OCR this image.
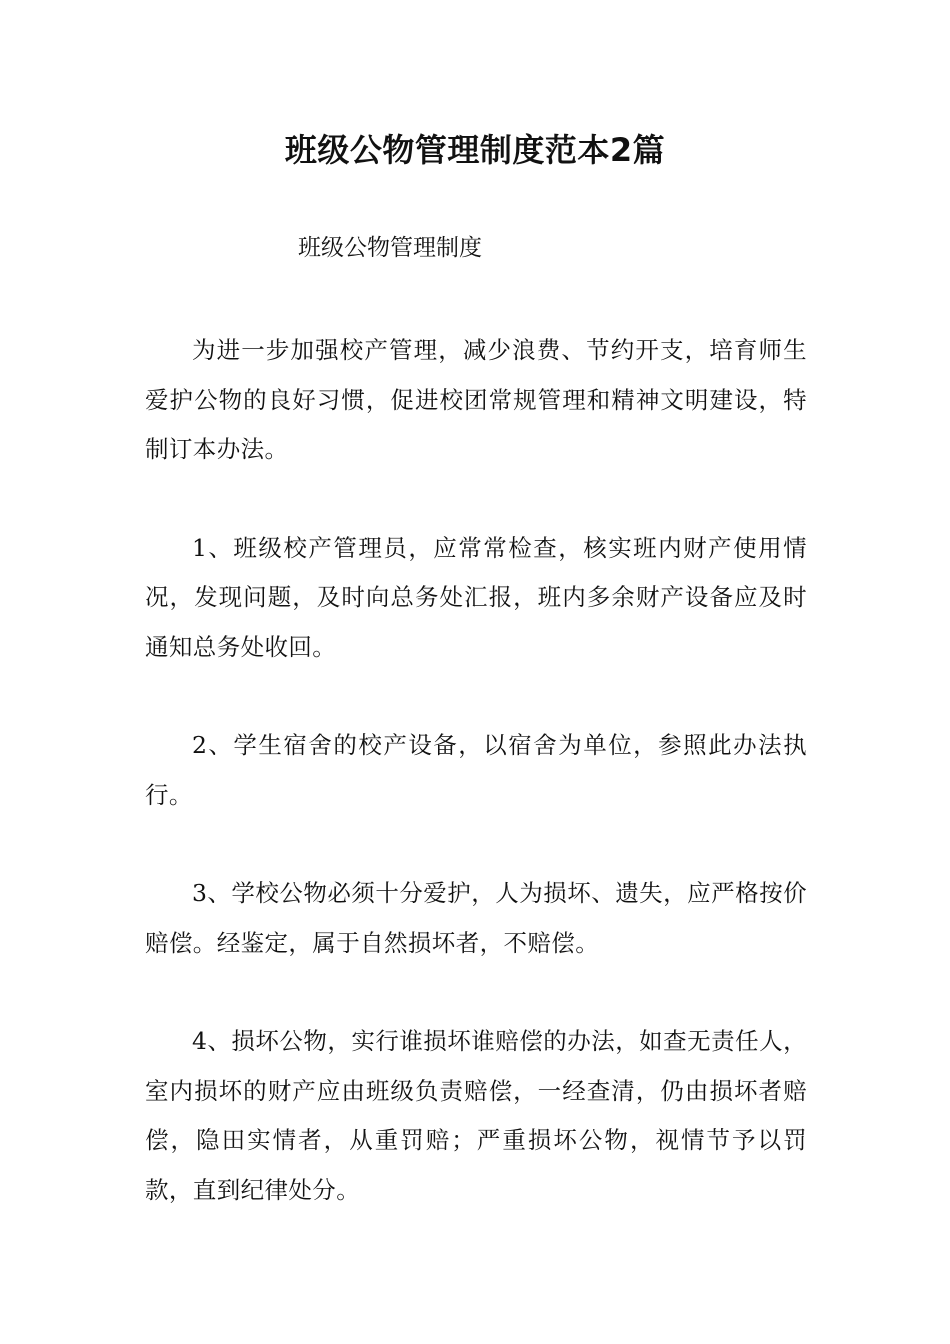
班级公物管理制度范本2篇

班级公物管理制度

为进一步加强校产管理，减少浪费、节约开支，培育师生爱护公物的良好习惯，促进校团常规管理和精神文明建设，特制订本办法。

1、班级校产管理员，应常常检查，核实班内财产使用情况，发现问题，及时向总务处汇报，班内多余财产设备应及时通知总务处收回。

2、学生宿舍的校产设备，以宿舍为单位，参照此办法执行。

3、学校公物必须十分爱护，人为损坏、遗失，应严格按价赔偿。经鉴定，属于自然损坏者，不赔偿。

4、损坏公物，实行谁损坏谁赔偿的办法，如查无责任人，室内损坏的财产应由班级负责赔偿，一经查清，仍由损坏者赔偿，隐田实情者，从重罚赔；严重损坏公物，视情节予以罚款，直到纪律处分。
